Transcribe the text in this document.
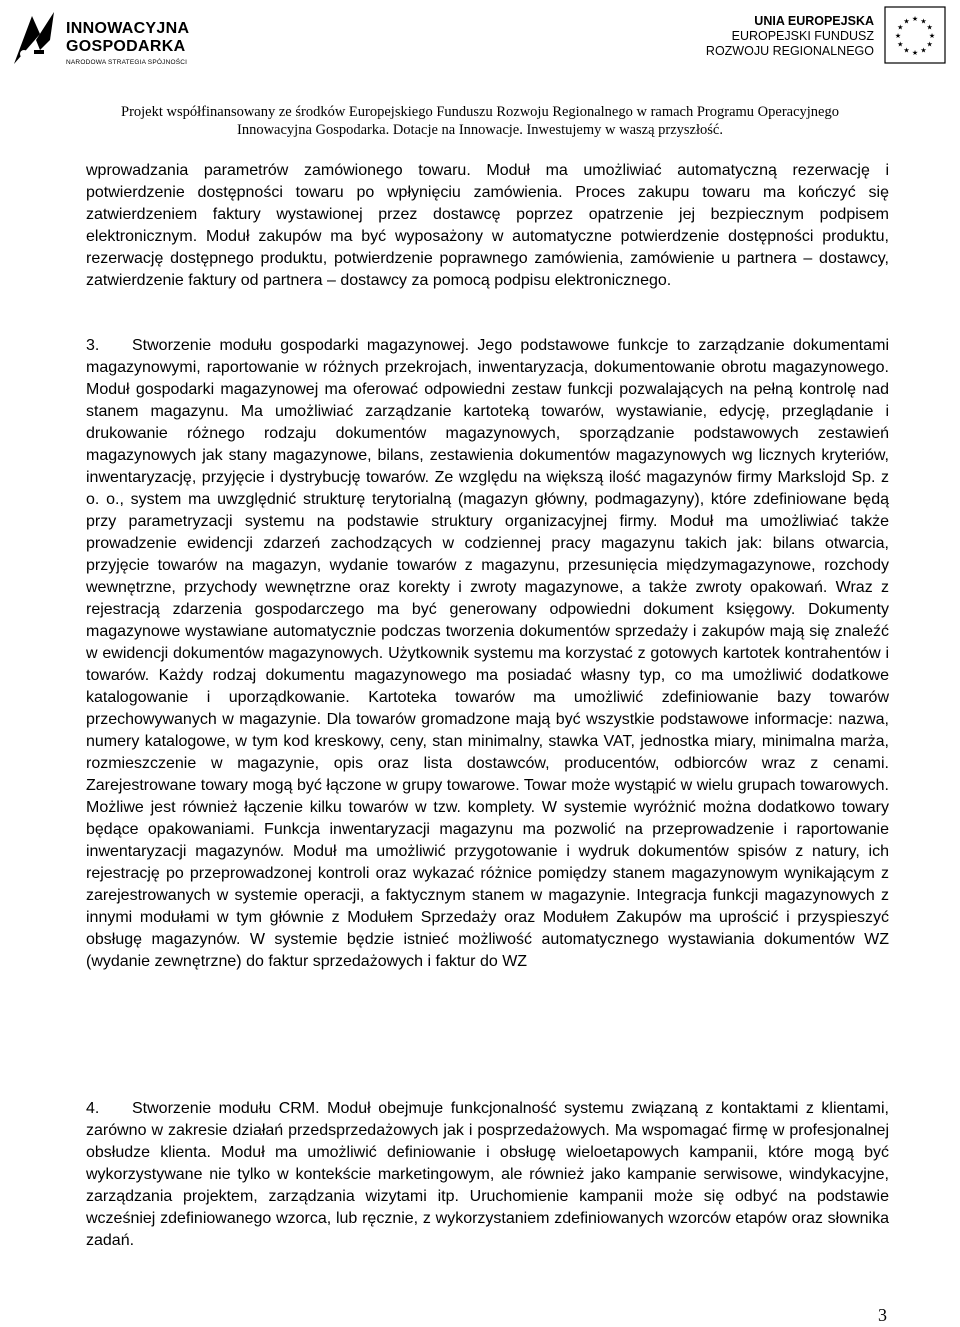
INNOWACYJNA
GOSPODARKA
NARODOWA STRATEGIA SPÓJNOŚCI
UNIA EUROPEJSKA
EUROPEJSKI FUNDUSZ
ROZWOJU REGIONALNEGO
★ ★
★
★
★
★
★
★
★
★
★
★
Projekt współfinansowany ze środków Europejskiego Funduszu Rozwoju Regionalnego w ramach Programu Operacyjnego
Innowacyjna Gospodarka. Dotacje na Innowacje. Inwestujemy w waszą przyszłość.

wprowadzania parametrów zamówionego towaru. Moduł ma umożliwiać automatyczną rezerwację i potwierdzenie dostępności towaru po wpłynięciu zamówienia. Proces zakupu towaru ma kończyć się zatwierdzeniem faktury wystawionej przez dostawcę poprzez opatrzenie jej bezpiecznym podpisem elektronicznym. Moduł zakupów ma być wyposażony w automatyczne potwierdzenie dostępności produktu, rezerwację dostępnego produktu, potwierdzenie poprawnego zamówienia, zamówienie u partnera – dostawcy, zatwierdzenie faktury od partnera – dostawcy za pomocą podpisu elektronicznego.

3. Stworzenie modułu gospodarki magazynowej. Jego podstawowe funkcje to zarządzanie dokumentami magazynowymi, raportowanie w różnych przekrojach, inwentaryzacja, dokumentowanie obrotu magazynowego. Moduł gospodarki magazynowej ma oferować odpowiedni zestaw funkcji pozwalających na pełną kontrolę nad stanem magazynu. Ma umożliwiać zarządzanie kartoteką towarów, wystawianie, edycję, przeglądanie i drukowanie różnego rodzaju dokumentów magazynowych, sporządzanie podstawowych zestawień magazynowych jak stany magazynowe, bilans, zestawienia dokumentów magazynowych wg licznych kryteriów, inwentaryzację, przyjęcie i dystrybucję towarów. Ze względu na większą ilość magazynów firmy Markslojd Sp. z o. o., system ma uwzględnić strukturę terytorialną (magazyn główny, podmagazyny), które zdefiniowane będą przy parametryzacji systemu na podstawie struktury organizacyjnej firmy. Moduł ma umożliwiać także prowadzenie ewidencji zdarzeń zachodzących w codziennej pracy magazynu takich jak: bilans otwarcia, przyjęcie towarów na magazyn, wydanie towarów z magazynu, przesunięcia międzymagazynowe, rozchody wewnętrzne, przychody wewnętrzne oraz korekty i zwroty magazynowe, a także zwroty opakowań. Wraz z rejestracją zdarzenia gospodarczego ma być generowany odpowiedni dokument księgowy. Dokumenty magazynowe wystawiane automatycznie podczas tworzenia dokumentów sprzedaży i zakupów mają się znaleźć w ewidencji dokumentów magazynowych. Użytkownik systemu ma korzystać z gotowych kartotek kontrahentów i towarów. Każdy rodzaj dokumentu magazynowego ma posiadać własny typ, co ma umożliwić dodatkowe katalogowanie i uporządkowanie. Kartoteka towarów ma umożliwić zdefiniowanie bazy towarów przechowywanych w magazynie. Dla towarów gromadzone mają być wszystkie podstawowe informacje: nazwa, numery katalogowe, w tym kod kreskowy, ceny, stan minimalny, stawka VAT, jednostka miary, minimalna marża, rozmieszczenie w magazynie, opis oraz lista dostawców, producentów, odbiorców wraz z cenami. Zarejestrowane towary mogą być łączone w grupy towarowe. Towar może wystąpić w wielu grupach towarowych. Możliwe jest również łączenie kilku towarów w tzw. komplety. W systemie wyróżnić można dodatkowo towary będące opakowaniami. Funkcja inwentaryzacji magazynu ma pozwolić na przeprowadzenie i raportowanie inwentaryzacji magazynów. Moduł ma umożliwić przygotowanie i wydruk dokumentów spisów z natury, ich rejestrację po przeprowadzonej kontroli oraz wykazać różnice pomiędzy stanem magazynowym wynikającym z zarejestrowanych w systemie operacji, a faktycznym stanem w magazynie. Integracja funkcji magazynowych z innymi modułami w tym głównie z Modułem Sprzedaży oraz Modułem Zakupów ma uprościć i przyspieszyć obsługę magazynów. W systemie będzie istnieć możliwość automatycznego wystawiania dokumentów WZ (wydanie zewnętrzne) do faktur sprzedażowych i faktur do WZ

4. Stworzenie modułu CRM. Moduł obejmuje funkcjonalność systemu związaną z kontaktami z klientami, zarówno w zakresie działań przedsprzedażowych jak i posprzedażowych. Ma wspomagać firmę w profesjonalnej obsłudze klienta. Moduł ma umożliwić definiowanie i obsługę wieloetapowych kampanii, które mogą być wykorzystywane nie tylko w kontekście marketingowym, ale również jako kampanie serwisowe, windykacyjne, zarządzania projektem, zarządzania wizytami itp. Uruchomienie kampanii może się odbyć na podstawie wcześniej zdefiniowanego wzorca, lub ręcznie, z wykorzystaniem zdefiniowanych wzorców etapów oraz słownika zadań.

3
